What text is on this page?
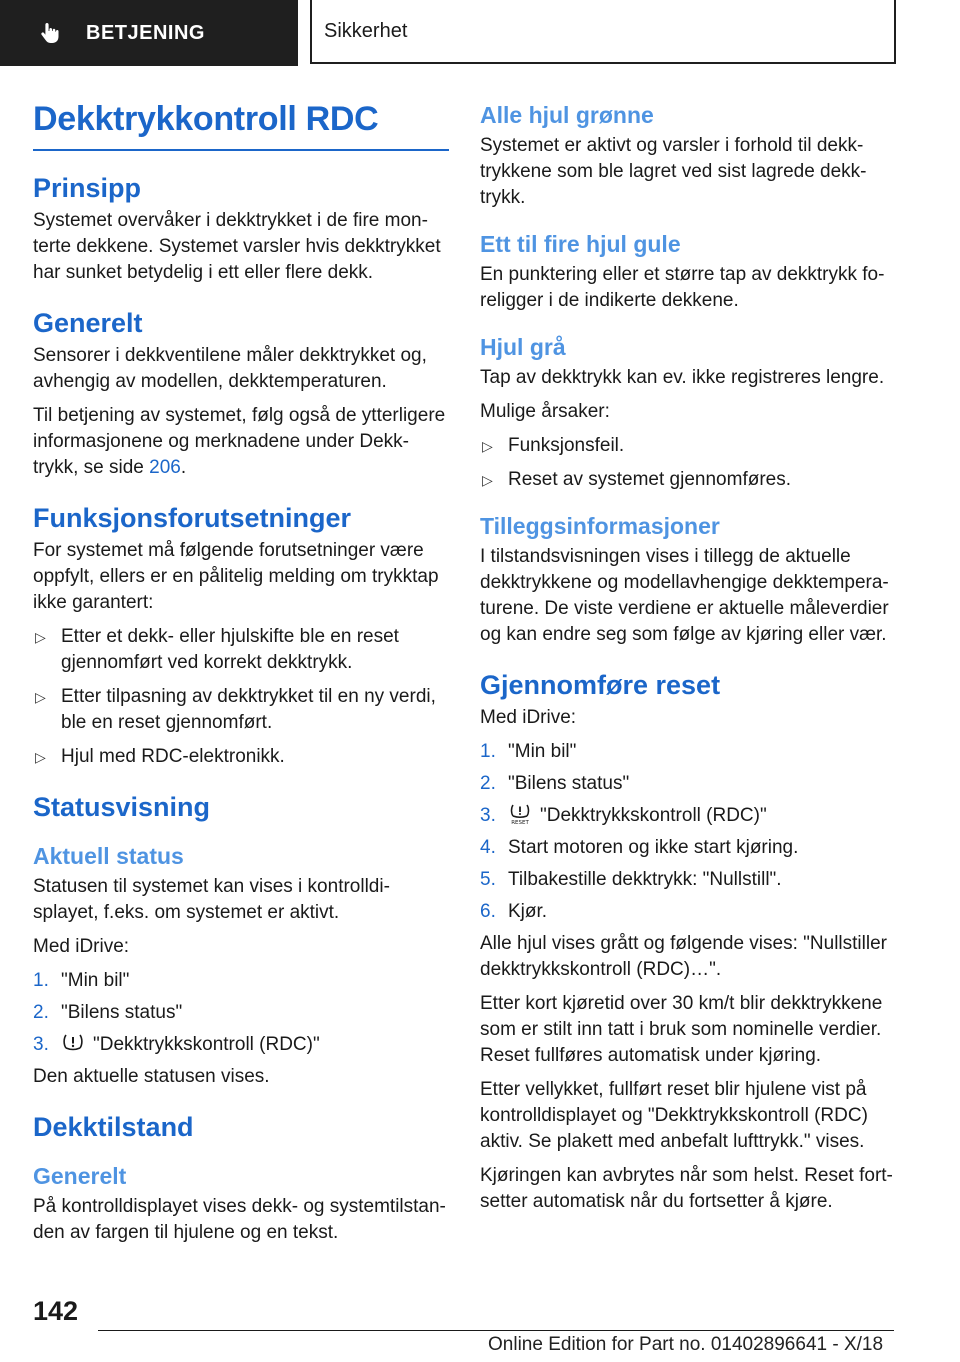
BETJENING	Sikkerhet
Dekktrykkontroll RDC
Prinsipp

Systemet overvåker i dekktrykket i de fire mon-terte dekkene. Systemet varsler hvis dekktrykket har sunket betydelig i ett eller flere dekk.

Generelt

Sensorer i dekkventilene måler dekktrykket og, avhengig av modellen, dekktemperaturen.

Til betjening av systemet, følg også de ytterligere informasjonene og merknadene under Dekk-trykk, se side 206.

Funksjonsforutsetninger

For systemet må følgende forutsetninger være oppfylt, ellers er en pålitelig melding om trykktap ikke garantert:

▷ Etter et dekk- eller hjulskifte ble en reset gjennomført ved korrekt dekktrykk.
▷ Etter tilpasning av dekktrykket til en ny verdi, ble en reset gjennomført.
▷ Hjul med RDC-elektronikk.
Statusvisning
Aktuell status

Statusen til systemet kan vises i kontrolldi-splayet, f.eks. om systemet er aktivt.

Med iDrive:

1. "Min bil"
2. "Bilens status"
3. "Dekktrykkskontroll (RDC)"

Den aktuelle statusen vises.

Dekktilstand
Generelt

På kontrolldisplayet vises dekk- og systemtilstan-den av fargen til hjulene og en tekst.

Alle hjul grønne

Systemet er aktivt og varsler i forhold til dekk-trykkene som ble lagret ved sist lagrede dekk-trykk.

Ett til fire hjul gule

En punktering eller et større tap av dekktrykk fo-religger i de indikerte dekkene.

Hjul grå

Tap av dekktrykk kan ev. ikke registreres lengre.

Mulige årsaker:

▷ Funksjonsfeil.
▷ Reset av systemet gjennomføres.
Tilleggsinformasjoner

I tilstandsvisningen vises i tillegg de aktuelle dekktrykkene og modellavhengige dekktempera-turene. De viste verdiene er aktuelle måleverdier og kan endre seg som følge av kjøring eller vær.

Gjennomføre reset

Med iDrive:

1. "Min bil"
2. "Bilens status"
3.	RESET "Dekktrykkskontroll (RDC)"
4. Start motoren og ikke start kjøring.
5. Tilbakestille dekktrykk: "Nullstill".
6. Kjør.

Alle hjul vises grått og følgende vises: "Nullstiller dekktrykkskontroll (RDC)…".

Etter kort kjøretid over 30 km/t blir dekktrykkene som er stilt inn tatt i bruk som nominelle verdier. Reset fullføres automatisk under kjøring.

Etter vellykket, fullført reset blir hjulene vist på kontrolldisplayet og "Dekktrykkskontroll (RDC) aktiv. Se plakett med anbefalt lufttrykk." vises.

Kjøringen kan avbrytes når som helst. Reset fort-setter automatisk når du fortsetter å kjøre.

142
Online Edition for Part no. 01402896641 - X/18
